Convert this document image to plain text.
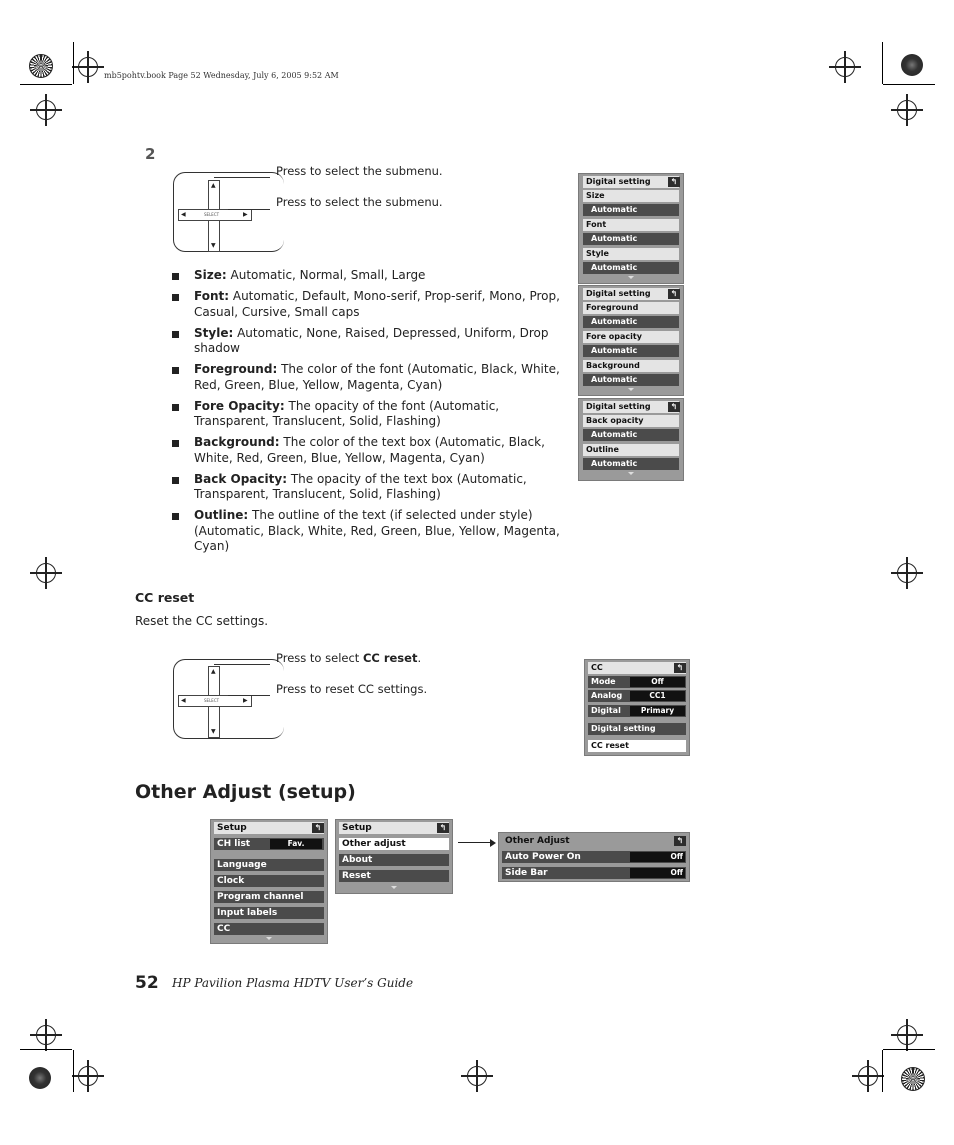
mb5pohtv.book Page 52 Wednesday, July 6, 2005 9:52 AM
2
▲
▼
◀	▶
SELECT
Press to select the submenu.
Press to select the submenu.
Size: Automatic, Normal, Small, Large
Font: Automatic, Default, Mono-serif, Prop-serif, Mono, Prop, Casual, Cursive, Small caps
Style: Automatic, None, Raised, Depressed, Uniform, Drop shadow
Foreground: The color of the font (Automatic, Black, White, Red, Green, Blue, Yellow, Magenta, Cyan)
Fore Opacity: The opacity of the font (Automatic, Transparent, Translucent, Solid, Flashing)
Background: The color of the text box (Automatic, Black, White, Red, Green, Blue, Yellow, Magenta, Cyan)
Back Opacity: The opacity of the text box (Automatic, Transparent, Translucent, Solid, Flashing)
Outline: The outline of the text (if selected under style) (Automatic, Black, White, Red, Green, Blue, Yellow, Magenta, Cyan)
Digital setting	↰
Size
Automatic
Font
Automatic
Style
Automatic
Digital setting	↰
Foreground
Automatic
Fore opacity
Automatic
Background
Automatic
Digital setting	↰
Back opacity
Automatic
Outline
Automatic
CC reset
Reset the CC settings.
▲
▼
◀	▶
SELECT
Press to select CC reset.
Press to reset CC settings.
CC	↰
Mode	Off
Analog	CC1
Digital	Primary
Digital setting
CC reset
Other Adjust (setup)
Setup	↰
CH list	Fav.
Language
Clock
Program channel
Input labels
CC
Setup	↰
Other adjust
About
Reset
Other Adjust	↰
Auto Power On	Off
Side Bar	Off
52 HP Pavilion Plasma HDTV User’s Guide
